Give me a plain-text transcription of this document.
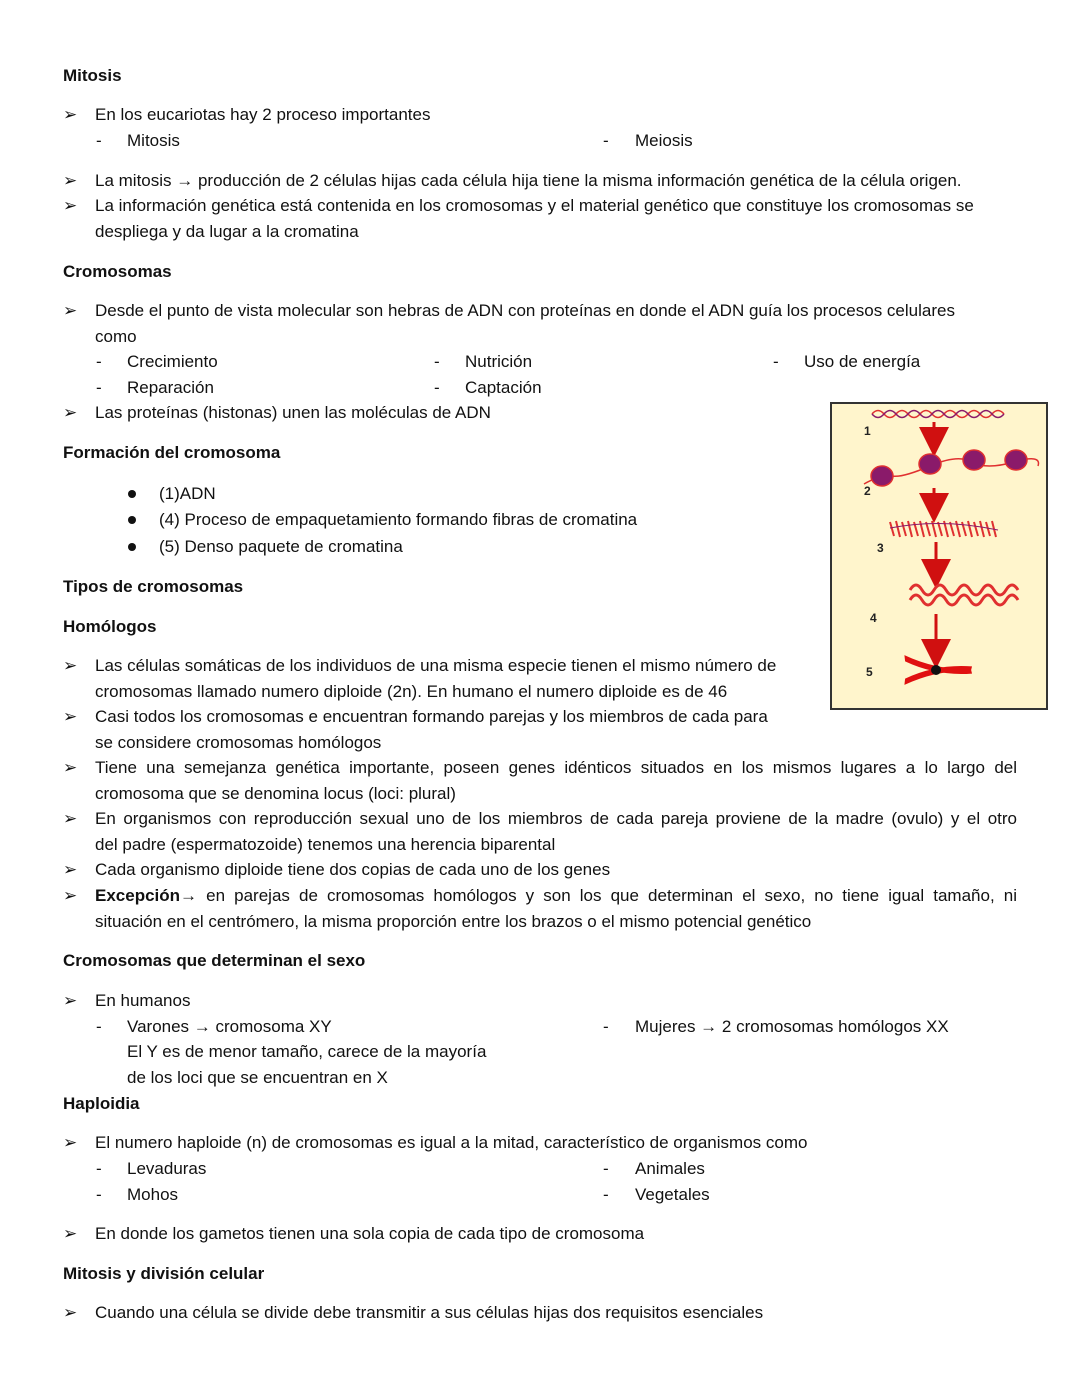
Mitosis
➢ En los eucariotas hay 2 proceso importantes
- Mitosis	- Meiosis
➢ La mitosis → producción de 2 células hijas cada célula hija tiene la misma información genética de la célula origen.
➢ La información genética está contenida en los cromosomas y el material genético que constituye los cromosomas se
despliega y da lugar a la cromatina
Cromosomas
➢ Desde el punto de vista molecular son hebras de ADN con proteínas en donde el ADN guía los procesos celulares
como
- Crecimiento	- Nutrición	- Uso de energía
- Reparación	- Captación
➢ Las proteínas (histonas) unen las moléculas de ADN
Formación del cromosoma
(1)ADN
(4) Proceso de empaquetamiento formando fibras de cromatina
(5) Denso paquete de cromatina
Tipos de cromosomas
Homólogos
➢ Las células somáticas de los individuos de una misma especie tienen el mismo número de
cromosomas llamado numero diploide (2n). En humano el numero diploide es de 46
➢ Casi todos los cromosomas e encuentran formando parejas y los miembros de cada para
se considere cromosomas homólogos
➢ Tiene una semejanza genética importante, poseen genes idénticos situados en los mismos lugares a lo largo del
cromosoma que se denomina locus (loci: plural)
➢ En organismos con reproducción sexual uno de los miembros de cada pareja proviene de la madre (ovulo) y el otro
del padre (espermatozoide) tenemos una herencia biparental
➢ Cada organismo diploide tiene dos copias de cada uno de los genes
➢ Excepción → en parejas de cromosomas homólogos y son los que determinan el sexo, no tiene igual tamaño, ni
situación en el centrómero, la misma proporción entre los brazos o el mismo potencial genético
Cromosomas que determinan el sexo
➢ En humanos
- Varones → cromosoma XY
El Y es de menor tamaño, carece de la mayoría
de los loci que se encuentran en X
- Mujeres → 2 cromosomas homólogos XX
Haploidia
➢ El numero haploide (n) de cromosomas es igual a la mitad, característico de organismos como
- Levaduras	- Animales
- Mohos	- Vegetales
➢ En donde los gametos tienen una sola copia de cada tipo de cromosoma
Mitosis y división celular
➢ Cuando una célula se divide debe transmitir a sus células hijas dos requisitos esenciales
1
2
3
4
5
